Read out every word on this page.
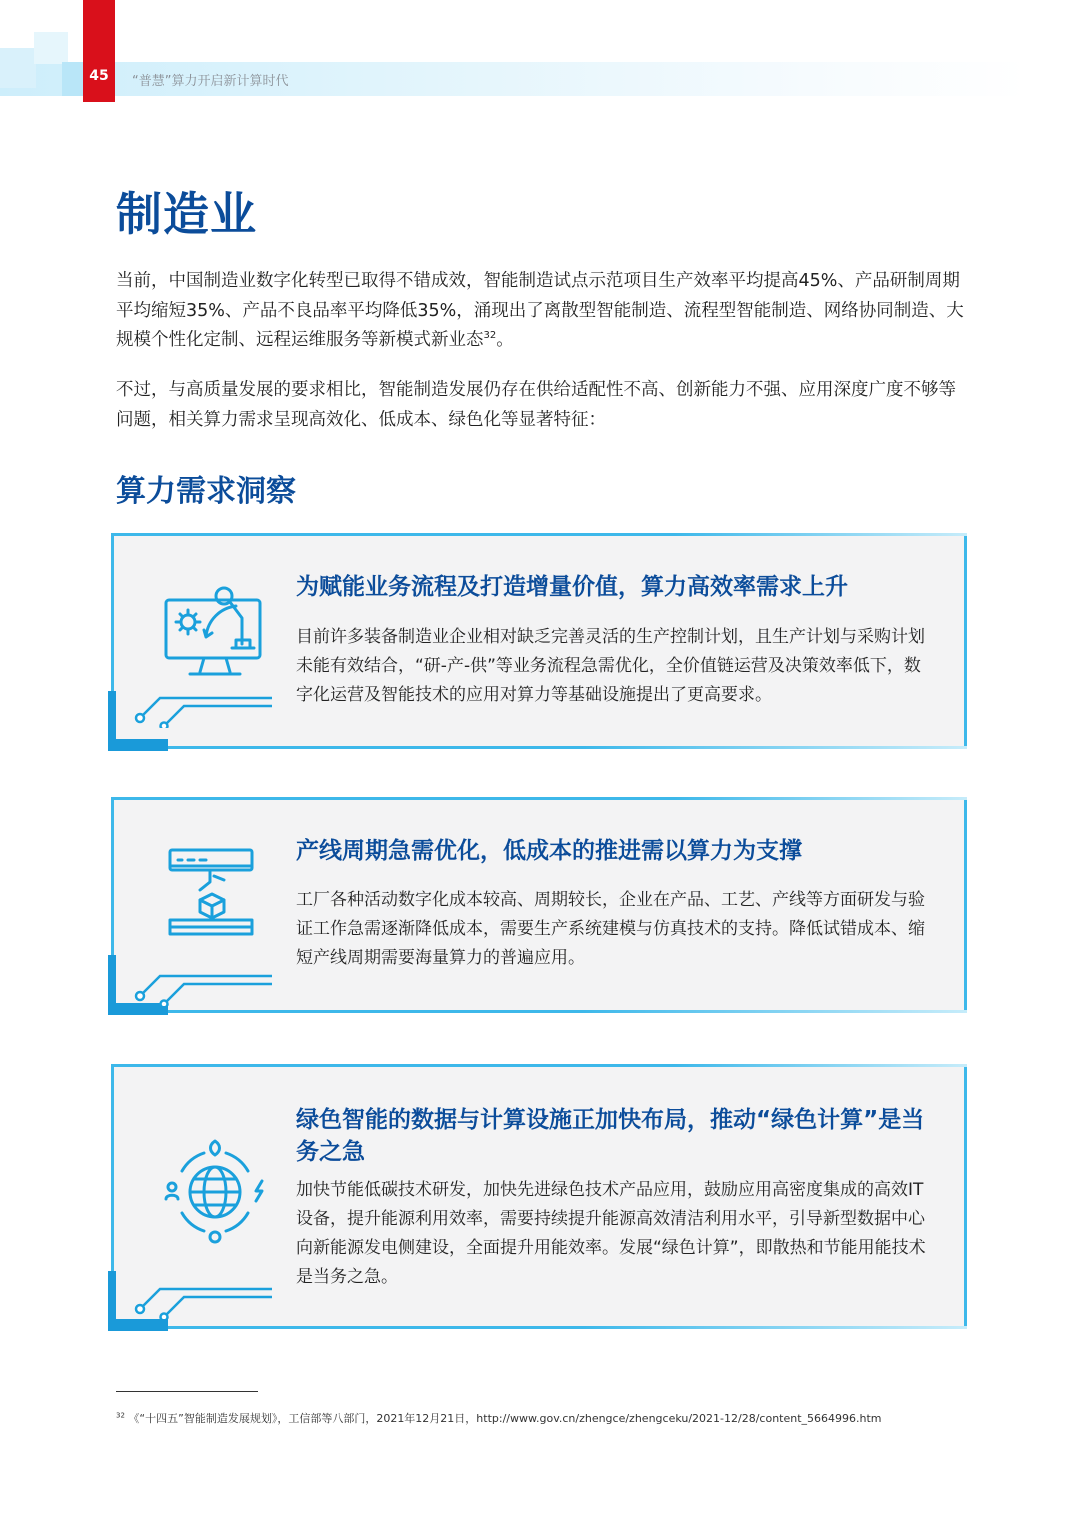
45	“普慧”算力开启新计算时代
制造业

当前，中国制造业数字化转型已取得不错成效，智能制造试点示范项目生产效率平均提高45%、产品研制周期平均缩短35%、产品不良品率平均降低35%，涌现出了离散型智能制造、流程型智能制造、网络协同制造、大规模个性化定制、远程运维服务等新模式新业态$^{32}$。

不过，与高质量发展的要求相比，智能制造发展仍存在供给适配性不高、创新能力不强、应用深度广度不够等问题，相关算力需求呈现高效化、低成本、绿色化等显著特征：

算力需求洞察
为赋能业务流程及打造增量价值，算力高效率需求上升

目前许多装备制造业企业相对缺乏完善灵活的生产控制计划，且生产计划与采购计划未能有效结合，“研-产-供”等业务流程急需优化，全价值链运营及决策效率低下，数字化运营及智能技术的应用对算力等基础设施提出了更高要求。

产线周期急需优化，低成本的推进需以算力为支撑

工厂各种活动数字化成本较高、周期较长，企业在产品、工艺、产线等方面研发与验证工作急需逐渐降低成本，需要生产系统建模与仿真技术的支持。降低试错成本、缩短产线周期需要海量算力的普遍应用。

绿色智能的数据与计算设施正加快布局，推动“绿色计算”是当务之急

加快节能低碳技术研发，加快先进绿色技术产品应用，鼓励应用高密度集成的高效IT设备，提升能源利用效率，需要持续提升能源高效清洁利用水平，引导新型数据中心向新能源发电侧建设，全面提升用能效率。发展“绿色计算”，即散热和节能用能技术是当务之急。

$^{32}$ 《“十四五”智能制造发展规划》，工信部等八部门，2021年12月21日，http://www.gov.cn/zhengce/zhengceku/2021-12/28/content_5664996.htm
